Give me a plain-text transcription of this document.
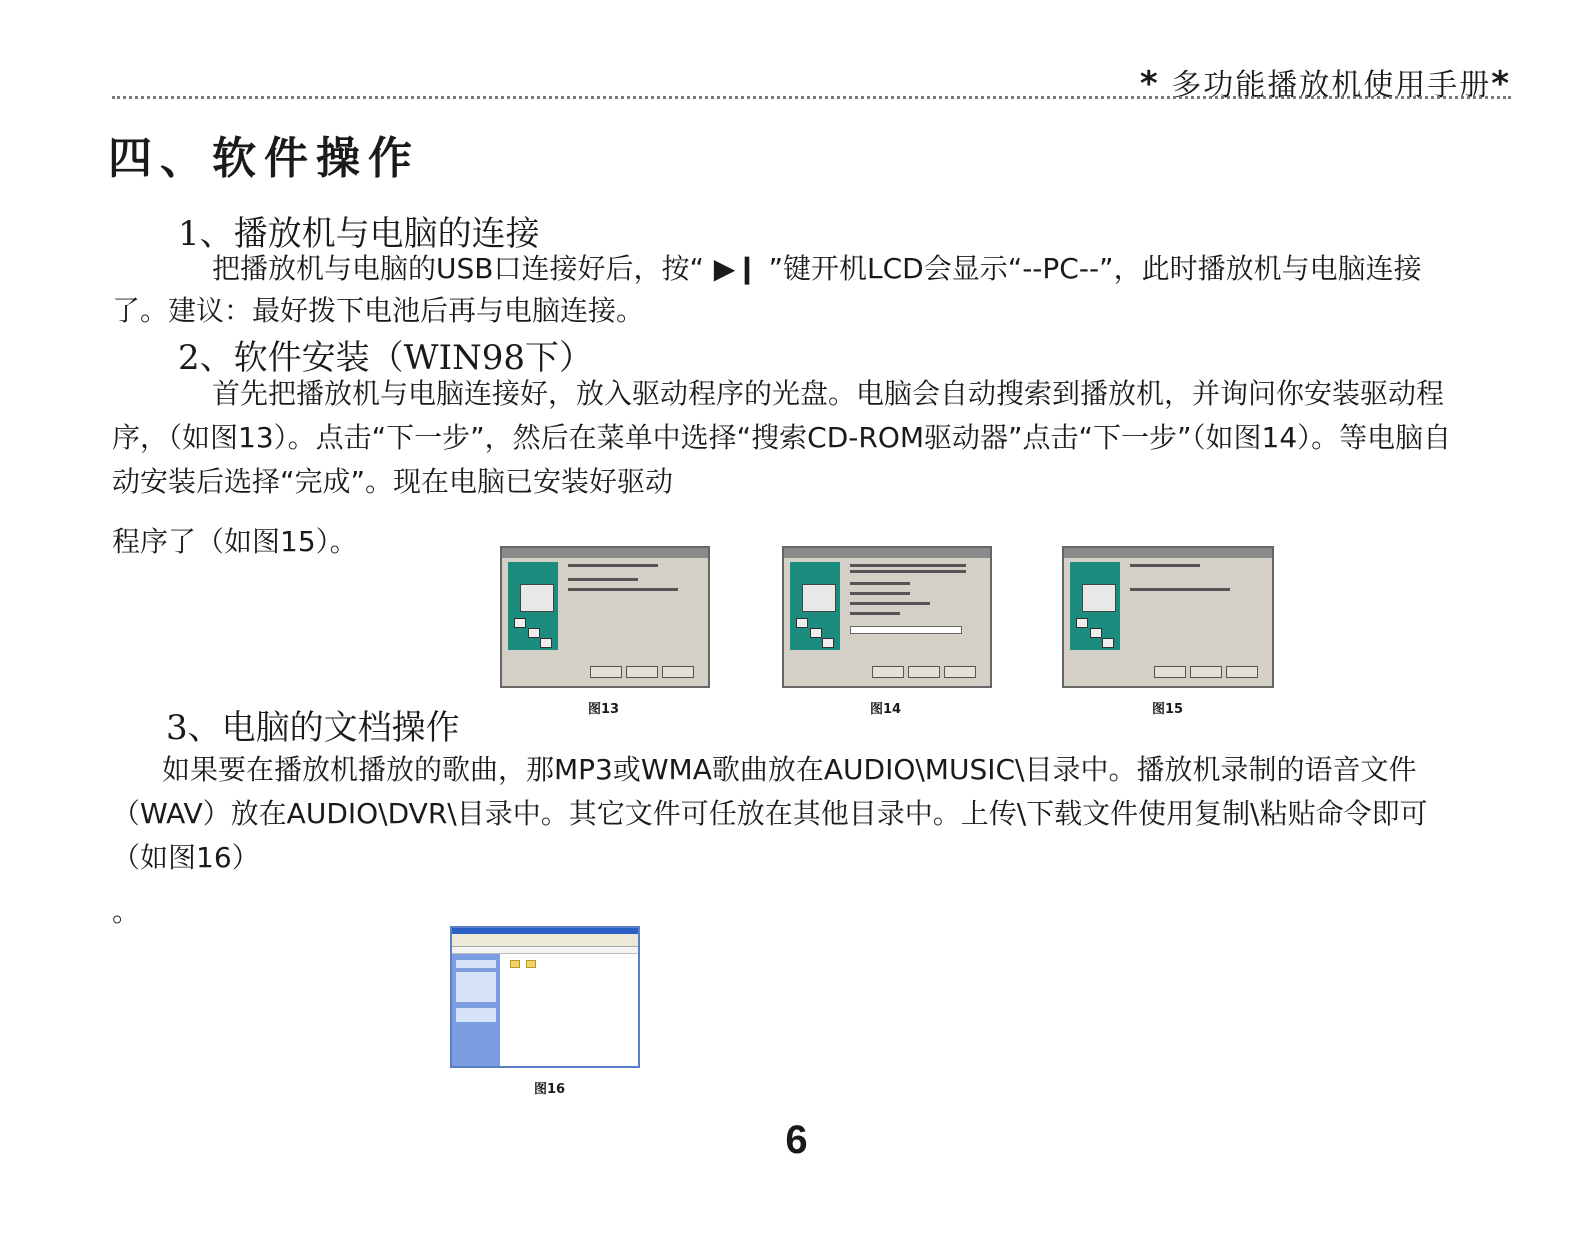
* 多功能播放机使用手册*
四、软件操作
1、播放机与电脑的连接
把播放机与电脑的USB口连接好后，按“ ▶❙ ”键开机LCD会显示“--PC--”，此时播放机与电脑连接了。建议：最好拨下电池后再与电脑连接。
2、软件安装（WIN98下）
首先把播放机与电脑连接好，放入驱动程序的光盘。电脑会自动搜索到播放机，并询问你安装驱动程序，（如图13）。点击“下一步”，然后在菜单中选择“搜索CD-ROM驱动器”点击“下一步”（如图14）。等电脑自动安装后选择“完成”。现在电脑已安装好驱动
程序了（如图15）。
图13	图14	图15
3、电脑的文档操作
如果要在播放机播放的歌曲，那MP3或WMA歌曲放在AUDIO\MUSIC\目录中。播放机录制的语音文件（WAV）放在AUDIO\DVR\目录中。其它文件可任放在其他目录中。上传\下载文件使用复制\粘贴命令即可（如图16）
。
图16
6
